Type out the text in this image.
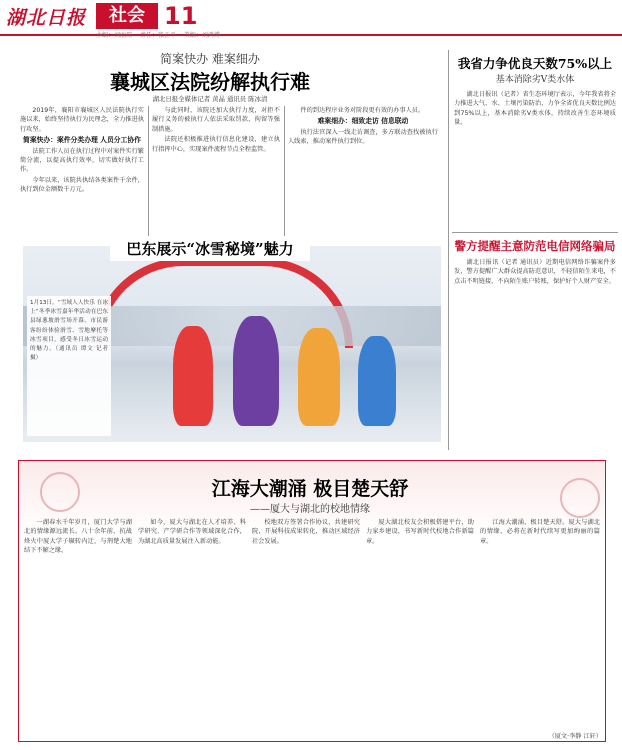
湖北日报	社会 11
主编：刘丽琼 责任：张正平 美编：刘鸿博
简案快办 难案细办
襄城区法院纷解执行难
湖北日报全媒体记者 黄晶 通讯员 陈冰清

2019年，襄阳市襄城区人民法院执行实施以来，始终坚持执行为民理念，全力推进执行攻坚。

简案快办：案件分类办理 人员分工协作

法院工作人员在执行过程中对案件实行繁简分流，以提高执行效率，切实做好执行工作。

今年以来，该院共执结各类案件千余件，执行到位金额数千万元。

与此同时，该院还加大执行力度，对拒不履行义务的被执行人依法采取罚款、拘留等强制措施。

法院还积极推进执行信息化建设，建立执行指挥中心，实现案件流程节点全程监管。

件的到达程序业务对阶段更有效的办事人员。

难案细办：细致走访 信息联动

执行法官深入一线走访调查，多方联动查找被执行人线索，推动案件执行到位。

我省力争优良天数75%以上
基本消除劣V类水体

湖北日报讯（记者）省生态环境厅表示，今年我省将全力推进大气、水、土壤污染防治，力争全省优良天数比例达到75%以上，基本消除劣V类水体，持续改善生态环境质量。

警方提醒主意防范电信网络骗局

湖北日报讯（记者 通讯员）近期电信网络诈骗案件多发，警方提醒广大群众提高防范意识，不轻信陌生来电，不点击不明链接，不向陌生账户转账，保护好个人财产安全。

巴东展示“冰雪秘境”魅力
1月13日，“雪域人人快乐 在冰上”冬季冰雪嘉年华活动在巴东县绿葱坡滑雪场开幕。市民游客纷纷体验滑雪、雪地摩托等冰雪项目，感受冬日冰雪运动的魅力。（通讯员 谭文 记者 摄）
江海大潮涌 极目楚天舒
——厦大与湖北的校地情缘

一湖春水千年岁月，厦门大学与湖北的情缘源远流长。八十余年前，抗战烽火中厦大学子辗转内迁，与荆楚大地结下不解之缘。

如今，厦大与湖北在人才培养、科学研究、产学研合作等领域深化合作，为湖北高质量发展注入新动能。

校地双方签署合作协议，共建研究院，开展科技成果转化，推动区域经济社会发展。

厦大湖北校友会积极搭建平台，助力家乡建设，书写新时代校地合作新篇章。

江海大潮涌，极目楚天舒。厦大与湖北的情缘，必将在新时代续写更加绚丽的篇章。

（厦文·李静 江轩）
